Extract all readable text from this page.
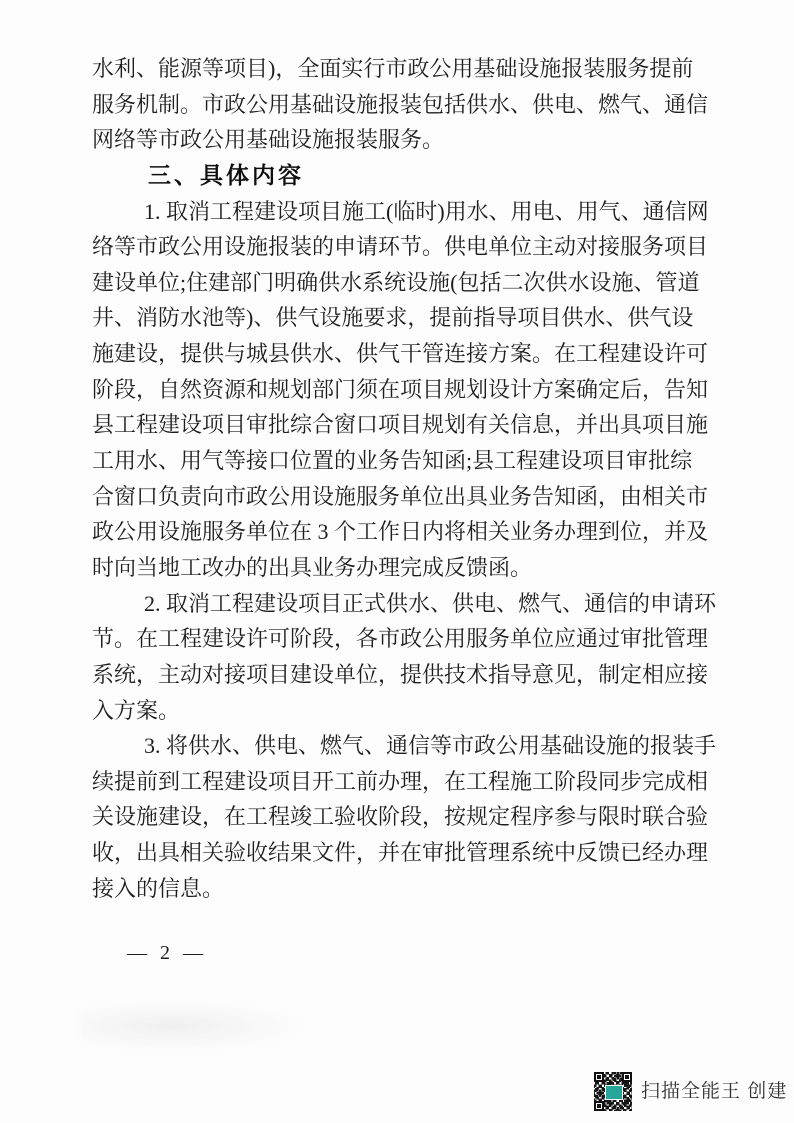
水利、能源等项目)，全面实行市政公用基础设施报装服务提前
服务机制。市政公用基础设施报装包括供水、供电、燃气、通信
网络等市政公用基础设施报装服务。
三、具体内容
1. 取消工程建设项目施工(临时)用水、用电、用气、通信网
络等市政公用设施报装的申请环节。供电单位主动对接服务项目
建设单位;住建部门明确供水系统设施(包括二次供水设施、管道
井、消防水池等)、供气设施要求，提前指导项目供水、供气设
施建设，提供与城县供水、供气干管连接方案。在工程建设许可
阶段，自然资源和规划部门须在项目规划设计方案确定后，告知
县工程建设项目审批综合窗口项目规划有关信息，并出具项目施
工用水、用气等接口位置的业务告知函;县工程建设项目审批综
合窗口负责向市政公用设施服务单位出具业务告知函，由相关市
政公用设施服务单位在 3 个工作日内将相关业务办理到位，并及
时向当地工改办的出具业务办理完成反馈函。
2. 取消工程建设项目正式供水、供电、燃气、通信的申请环
节。在工程建设许可阶段，各市政公用服务单位应通过审批管理
系统，主动对接项目建设单位，提供技术指导意见，制定相应接
入方案。
3. 将供水、供电、燃气、通信等市政公用基础设施的报装手
续提前到工程建设项目开工前办理，在工程施工阶段同步完成相
关设施建设，在工程竣工验收阶段，按规定程序参与限时联合验
收，出具相关验收结果文件，并在审批管理系统中反馈已经办理
接入的信息。
— 2 —
扫描全能王 创建
